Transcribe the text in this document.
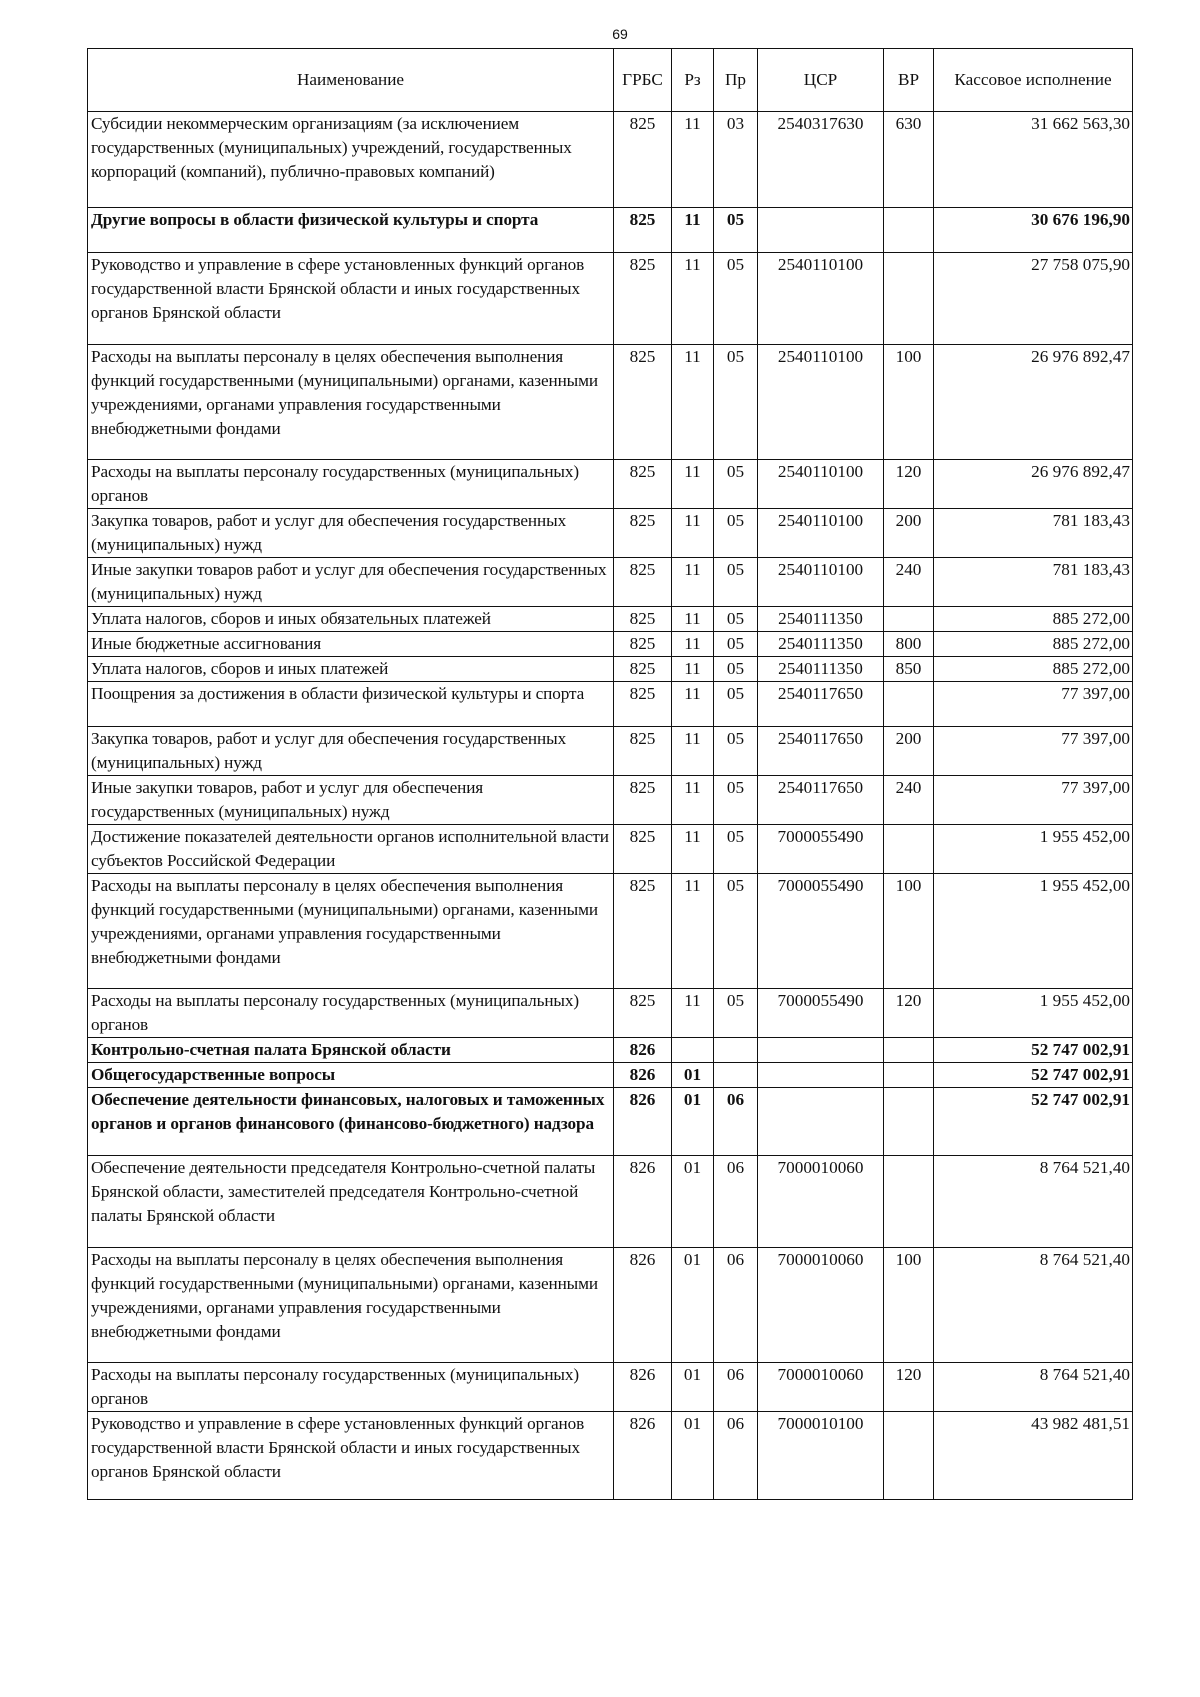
69
Наименование	ГРБС	Рз	Пр	ЦСР	ВР	Кассовое исполнение
Субсидии некоммерческим организациям (за исключением государственных (муниципальных) учреждений, государственных корпораций (компаний), публично-правовых компаний)	825	11	03	2540317630	630	31 662 563,30
Другие вопросы в области физической культуры и спорта	825	11	05			30 676 196,90
Руководство и управление в сфере установленных функций органов государственной власти Брянской области и иных государственных органов Брянской области	825	11	05	2540110100		27 758 075,90
Расходы на выплаты персоналу в целях обеспечения выполнения функций государственными (муниципальными) органами, казенными учреждениями, органами управления государственными внебюджетными фондами	825	11	05	2540110100	100	26 976 892,47
Расходы на выплаты персоналу государственных (муниципальных) органов	825	11	05	2540110100	120	26 976 892,47
Закупка товаров, работ и услуг для обеспечения государственных (муниципальных) нужд	825	11	05	2540110100	200	781 183,43
Иные закупки товаров работ и услуг для обеспечения государственных (муниципальных) нужд	825	11	05	2540110100	240	781 183,43
Уплата налогов, сборов и иных обязательных платежей	825	11	05	2540111350		885 272,00
Иные бюджетные ассигнования	825	11	05	2540111350	800	885 272,00
Уплата налогов, сборов и иных платежей	825	11	05	2540111350	850	885 272,00
Поощрения за достижения в области физической культуры и спорта	825	11	05	2540117650		77 397,00
Закупка товаров, работ и услуг для обеспечения государственных (муниципальных) нужд	825	11	05	2540117650	200	77 397,00
Иные закупки товаров, работ и услуг для обеспечения государственных (муниципальных) нужд	825	11	05	2540117650	240	77 397,00
Достижение показателей деятельности органов исполнительной власти субъектов Российской Федерации	825	11	05	7000055490		1 955 452,00
Расходы на выплаты персоналу в целях обеспечения выполнения функций государственными (муниципальными) органами, казенными учреждениями, органами управления государственными внебюджетными фондами	825	11	05	7000055490	100	1 955 452,00
Расходы на выплаты персоналу государственных (муниципальных) органов	825	11	05	7000055490	120	1 955 452,00
Контрольно-счетная палата Брянской области	826					52 747 002,91
Общегосударственные вопросы	826	01				52 747 002,91
Обеспечение деятельности финансовых, налоговых и таможенных органов и органов финансового (финансово-бюджетного) надзора	826	01	06			52 747 002,91
Обеспечение деятельности председателя Контрольно-счетной палаты Брянской области, заместителей председателя Контрольно-счетной палаты Брянской области	826	01	06	7000010060		8 764 521,40
Расходы на выплаты персоналу в целях обеспечения выполнения функций государственными (муниципальными) органами, казенными учреждениями, органами управления государственными внебюджетными фондами	826	01	06	7000010060	100	8 764 521,40
Расходы на выплаты персоналу государственных (муниципальных) органов	826	01	06	7000010060	120	8 764 521,40
Руководство и управление в сфере установленных функций органов государственной власти Брянской области и иных государственных органов Брянской области	826	01	06	7000010100		43 982 481,51
